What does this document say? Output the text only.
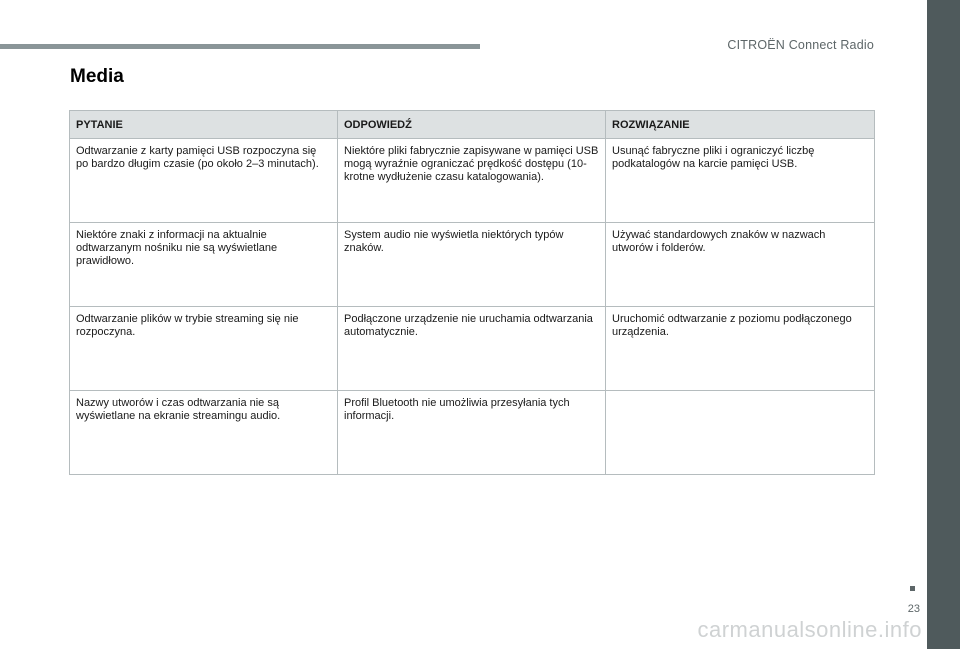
CITROËN Connect Radio
Media
PYTANIE	ODPOWIEDŹ	ROZWIĄZANIE
Odtwarzanie z karty pamięci USB rozpoczyna się po bardzo długim czasie (po około 2–3 minutach).	Niektóre pliki fabrycznie zapisywane w pamięci USB mogą wyraźnie ograniczać prędkość dostępu (10-krotne wydłużenie czasu katalogowania).	Usunąć fabryczne pliki i ograniczyć liczbę podkatalogów na karcie pamięci USB.
Niektóre znaki z informacji na aktualnie odtwarzanym nośniku nie są wyświetlane prawidłowo.	System audio nie wyświetla niektórych typów znaków.	Używać standardowych znaków w nazwach utworów i folderów.
Odtwarzanie plików w trybie streaming się nie rozpoczyna.	Podłączone urządzenie nie uruchamia odtwarzania automatycznie.	Uruchomić odtwarzanie z poziomu podłączonego urządzenia.
Nazwy utworów i czas odtwarzania nie są wyświetlane na ekranie streamingu audio.	Profil Bluetooth nie umożliwia przesyłania tych informacji.	
23
carmanualsonline.info
